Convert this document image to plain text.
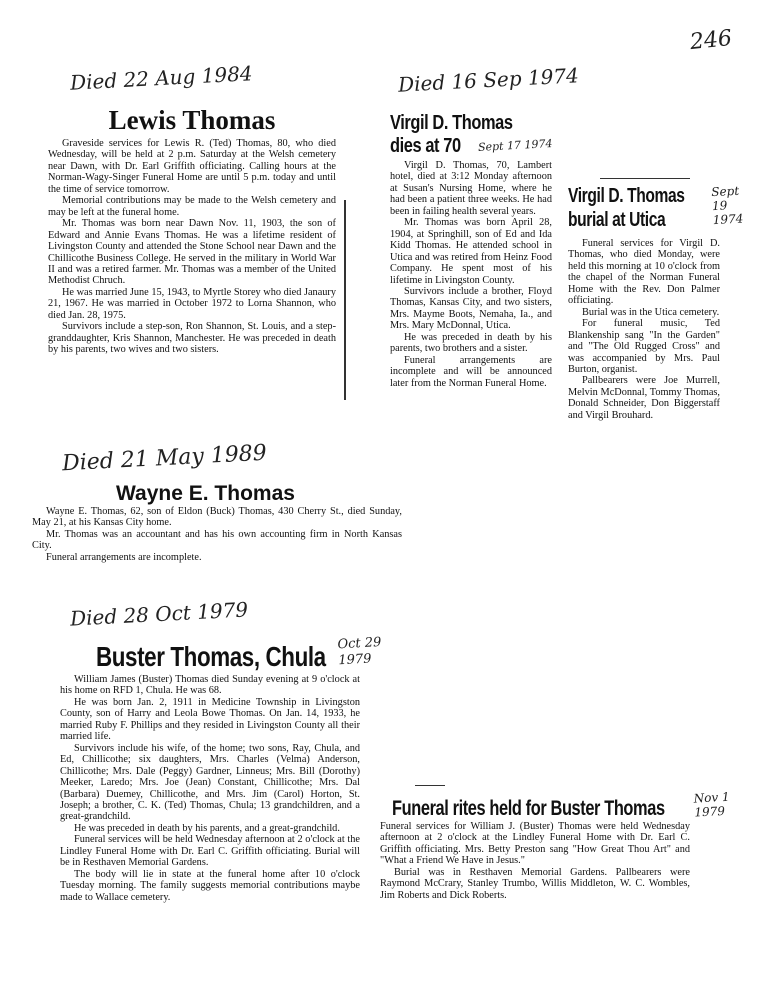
246
Died 22 Aug 1984
Lewis Thomas

Graveside services for Lewis R. (Ted) Thomas, 80, who died Wednesday, will be held at 2 p.m. Saturday at the Welsh cemetery near Dawn, with Dr. Earl Griffith officiating. Calling hours at the Norman-Wagy-Singer Funeral Home are until 5 p.m. today and until the time of service tomorrow.

Memorial contributions may be made to the Welsh cemetery and may be left at the funeral home.

Mr. Thomas was born near Dawn Nov. 11, 1903, the son of Edward and Annie Evans Thomas. He was a lifetime resident of Livingston County and attended the Stone School near Dawn and the Chillicothe Business College. He served in the military in World War II and was a retired farmer. Mr. Thomas was a member of the United Methodist Chruch.

He was married June 15, 1943, to Myrtle Storey who died Janaury 21, 1967. He was married in October 1972 to Lorna Shannon, who died Jan. 28, 1975.

Survivors include a step-son, Ron Shannon, St. Louis, and a step-granddaughter, Kris Shannon, Manchester. He was preceded in death by his parents, two wives and two sisters.

Died 16 Sep 1974
Virgil D. Thomas
dies at 70

Virgil D. Thomas, 70, Lambert hotel, died at 3:12 Monday afternoon at Susan's Nursing Home, where he had been a patient three weeks. He had been in failing health several years.

Mr. Thomas was born April 28, 1904, at Springhill, son of Ed and Ida Kidd Thomas. He attended school in Utica and was retired from Heinz Food Company. He spent most of his lifetime in Livingston County.

Survivors include a brother, Floyd Thomas, Kansas City, and two sisters, Mrs. Mayme Boots, Nemaha, Ia., and Mrs. Mary McDonnal, Utica.

He was preceded in death by his parents, two brothers and a sister.

Funeral arrangements are incomplete and will be announced later from the Norman Funeral Home.

Sept 17 1974
Virgil D. Thomas
burial at Utica

Funeral services for Virgil D. Thomas, who died Monday, were held this morning at 10 o'clock from the chapel of the Norman Funeral Home with the Rev. Don Palmer officiating.

Burial was in the Utica cemetery.

For funeral music, Ted Blankenship sang "In the Garden" and "The Old Rugged Cross" and was accompanied by Mrs. Paul Burton, organist.

Pallbearers were Joe Murrell, Melvin McDonnal, Tommy Thomas, Donald Schneider, Don Biggerstaff and Virgil Brouhard.

Sept 19 1974
Died 21 May 1989
Wayne E. Thomas

Wayne E. Thomas, 62, son of Eldon (Buck) Thomas, 430 Cherry St., died Sunday, May 21, at his Kansas City home.

Mr. Thomas was an accountant and has his own accounting firm in North Kansas City.

Funeral arrangements are incomplete.

Died 28 Oct 1979
Buster Thomas, Chula

William James (Buster) Thomas died Sunday evening at 9 o'clock at his home on RFD 1, Chula. He was 68.

He was born Jan. 2, 1911 in Medicine Township in Livingston County, son of Harry and Leola Bowe Thomas. On Jan. 14, 1933, he married Ruby F. Phillips and they resided in Livingston County all their married life.

Survivors include his wife, of the home; two sons, Ray, Chula, and Ed, Chillicothe; six daughters, Mrs. Charles (Velma) Anderson, Chillicothe; Mrs. Dale (Peggy) Gardner, Linneus; Mrs. Bill (Dorothy) Meeker, Laredo; Mrs. Joe (Jean) Constant, Chillicothe; Mrs. Dal (Barbara) Duemey, Chillicothe, and Mrs. Jim (Carol) Horton, St. Joseph; a brother, C. K. (Ted) Thomas, Chula; 13 grandchildren, and a great-grandchild.

He was preceded in death by his parents, and a great-grandchild.

Funeral services will be held Wednesday afternoon at 2 o'clock at the Lindley Funeral Home with Dr. Earl C. Griffith officiating. Burial will be in Resthaven Memorial Gardens.

The body will lie in state at the funeral home after 10 o'clock Tuesday morning. The family suggests memorial contributions maybe made to Wallace cemetery.

Oct 29 1979
Funeral rites held for Buster Thomas

Funeral services for William J. (Buster) Thomas were held Wednesday afternoon at 2 o'clock at the Lindley Funeral Home with Dr. Earl C. Griffith officiating. Mrs. Betty Preston sang "How Great Thou Art" and "What a Friend We Have in Jesus."

Burial was in Resthaven Memorial Gardens. Pallbearers were Raymond McCrary, Stanley Trumbo, Willis Middleton, W. C. Wombles, Jim Roberts and Dick Roberts.

Nov 1 1979
